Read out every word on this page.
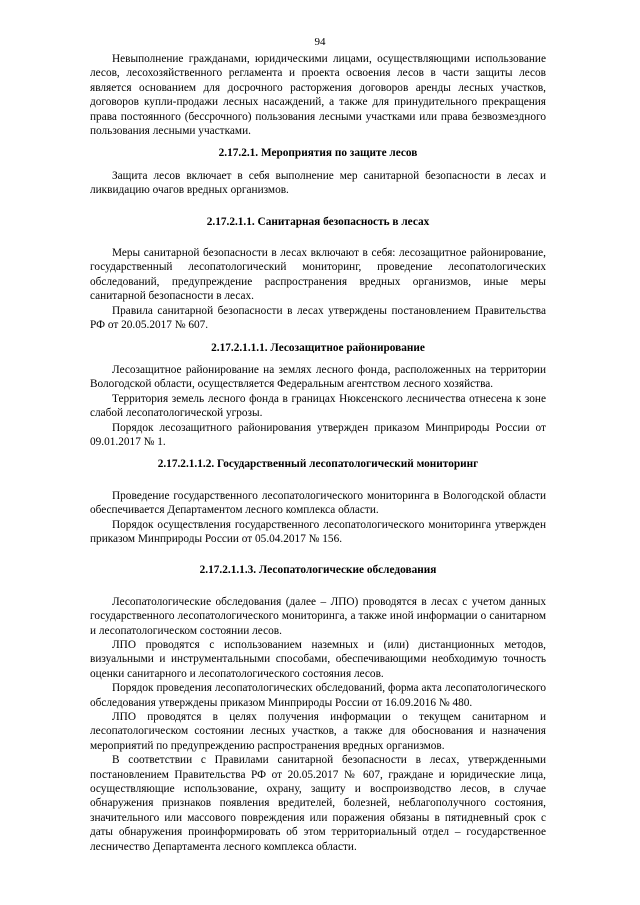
94

Невыполнение гражданами, юридическими лицами, осуществляющими использование лесов, лесохозяйственного регламента и проекта освоения лесов в части защиты лесов является основанием для досрочного расторжения договоров аренды лесных участков, договоров купли-продажи лесных насаждений, а также для принудительного прекращения права постоянного (бессрочного) пользования лесными участками или права безвозмездного пользования лесными участками.

2.17.2.1. Мероприятия по защите лесов

Защита лесов включает в себя выполнение мер санитарной безопасности в лесах и ликвидацию очагов вредных организмов.

2.17.2.1.1. Санитарная безопасность в лесах

Меры санитарной безопасности в лесах включают в себя: лесозащитное районирование, государственный лесопатологический мониторинг, проведение лесопатологических обследований, предупреждение распространения вредных организмов, иные меры санитарной безопасности в лесах.

Правила санитарной безопасности в лесах утверждены постановлением Правительства РФ от 20.05.2017 № 607.

2.17.2.1.1.1. Лесозащитное районирование

Лесозащитное районирование на землях лесного фонда, расположенных на территории Вологодской области, осуществляется Федеральным агентством лесного хозяйства.

Территория земель лесного фонда в границах Нюксенского лесничества отнесена к зоне слабой лесопатологической угрозы.

Порядок лесозащитного районирования утвержден приказом Минприроды России от 09.01.2017 № 1.

2.17.2.1.1.2. Государственный лесопатологический мониторинг

Проведение государственного лесопатологического мониторинга в Вологодской области обеспечивается Департаментом лесного комплекса области.

Порядок осуществления государственного лесопатологического мониторинга утвержден приказом Минприроды России от 05.04.2017 № 156.

2.17.2.1.1.3. Лесопатологические обследования

Лесопатологические обследования (далее – ЛПО) проводятся в лесах с учетом данных государственного лесопатологического мониторинга, а также иной информации о санитарном и лесопатологическом состоянии лесов.

ЛПО проводятся с использованием наземных и (или) дистанционных методов, визуальными и инструментальными способами, обеспечивающими необходимую точность оценки санитарного и лесопатологического состояния лесов.

Порядок проведения лесопатологических обследований, форма акта лесопатологического обследования утверждены приказом Минприроды России от 16.09.2016 № 480.

ЛПО проводятся в целях получения информации о текущем санитарном и лесопатологическом состоянии лесных участков, а также для обоснования и назначения мероприятий по предупреждению распространения вредных организмов.

В соответствии с Правилами санитарной безопасности в лесах, утвержденными постановлением Правительства РФ от 20.05.2017 № 607, граждане и юридические лица, осуществляющие использование, охрану, защиту и воспроизводство лесов, в случае обнаружения признаков появления вредителей, болезней, неблагополучного состояния, значительного или массового повреждения или поражения обязаны в пятидневный срок с даты обнаружения проинформировать об этом территориальный отдел – государственное лесничество Департамента лесного комплекса области.
